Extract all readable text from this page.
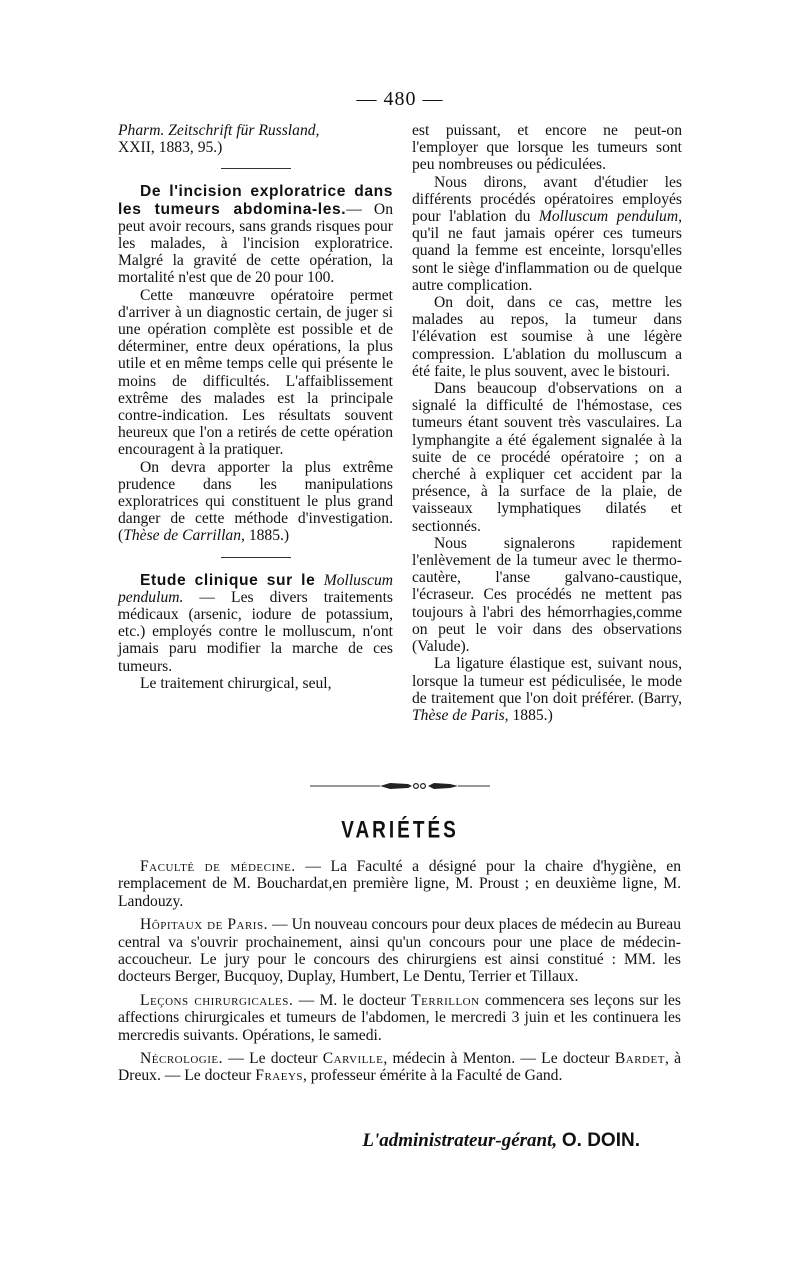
— 480 —

Pharm. Zeitschrift für Russland,
XXII, 1883, 95.)

De l'incision exploratrice dans les tumeurs abdomina-les.— On peut avoir recours, sans grands risques pour les malades, à l'incision exploratrice. Malgré la gravité de cette opération, la mortalité n'est que de 20 pour 100.

Cette manœuvre opératoire permet d'arriver à un diagnostic certain, de juger si une opération complète est possible et de déterminer, entre deux opérations, la plus utile et en même temps celle qui présente le moins de difficultés. L'affaiblissement extrême des malades est la principale contre-indication. Les résultats souvent heureux que l'on a retirés de cette opération encouragent à la pratiquer.

On devra apporter la plus extrême prudence dans les manipulations exploratrices qui constituent le plus grand danger de cette méthode d'investigation. (Thèse de Carrillan, 1885.)

Etude clinique sur le Molluscum pendulum. — Les divers traitements médicaux (arsenic, iodure de potassium, etc.) employés contre le molluscum, n'ont jamais paru modifier la marche de ces tumeurs.

Le traitement chirurgical, seul,

est puissant, et encore ne peut-on l'employer que lorsque les tumeurs sont peu nombreuses ou pédiculées.

Nous dirons, avant d'étudier les différents procédés opératoires employés pour l'ablation du Molluscum pendulum, qu'il ne faut jamais opérer ces tumeurs quand la femme est enceinte, lorsqu'elles sont le siège d'inflammation ou de quelque autre complication.

On doit, dans ce cas, mettre les malades au repos, la tumeur dans l'élévation est soumise à une légère compression. L'ablation du molluscum a été faite, le plus souvent, avec le bistouri.

Dans beaucoup d'observations on a signalé la difficulté de l'hémostase, ces tumeurs étant souvent très vasculaires. La lymphangite a été également signalée à la suite de ce procédé opératoire ; on a cherché à expliquer cet accident par la présence, à la surface de la plaie, de vaisseaux lymphatiques dilatés et sectionnés.

Nous signalerons rapidement l'enlèvement de la tumeur avec le thermo-cautère, l'anse galvano-caustique, l'écraseur. Ces procédés ne mettent pas toujours à l'abri des hémorrhagies,comme on peut le voir dans des observations (Valude).

La ligature élastique est, suivant nous, lorsque la tumeur est pédiculisée, le mode de traitement que l'on doit préférer. (Barry, Thèse de Paris, 1885.)

VARIÉTÉS

Faculté de médecine. — La Faculté a désigné pour la chaire d'hygiène, en remplacement de M. Bouchardat,en première ligne, M. Proust ; en deuxième ligne, M. Landouzy.

Hôpitaux de Paris. — Un nouveau concours pour deux places de médecin au Bureau central va s'ouvrir prochainement, ainsi qu'un concours pour une place de médecin-accoucheur. Le jury pour le concours des chirurgiens est ainsi constitué : MM. les docteurs Berger, Bucquoy, Duplay, Humbert, Le Dentu, Terrier et Tillaux.

Leçons chirurgicales. — M. le docteur Terrillon commencera ses leçons sur les affections chirurgicales et tumeurs de l'abdomen, le mercredi 3 juin et les continuera les mercredis suivants. Opérations, le samedi.

Nécrologie. — Le docteur Carville, médecin à Menton. — Le docteur Bardet, à Dreux. — Le docteur Fraeys, professeur émérite à la Faculté de Gand.

L'administrateur-gérant, O. DOIN.
